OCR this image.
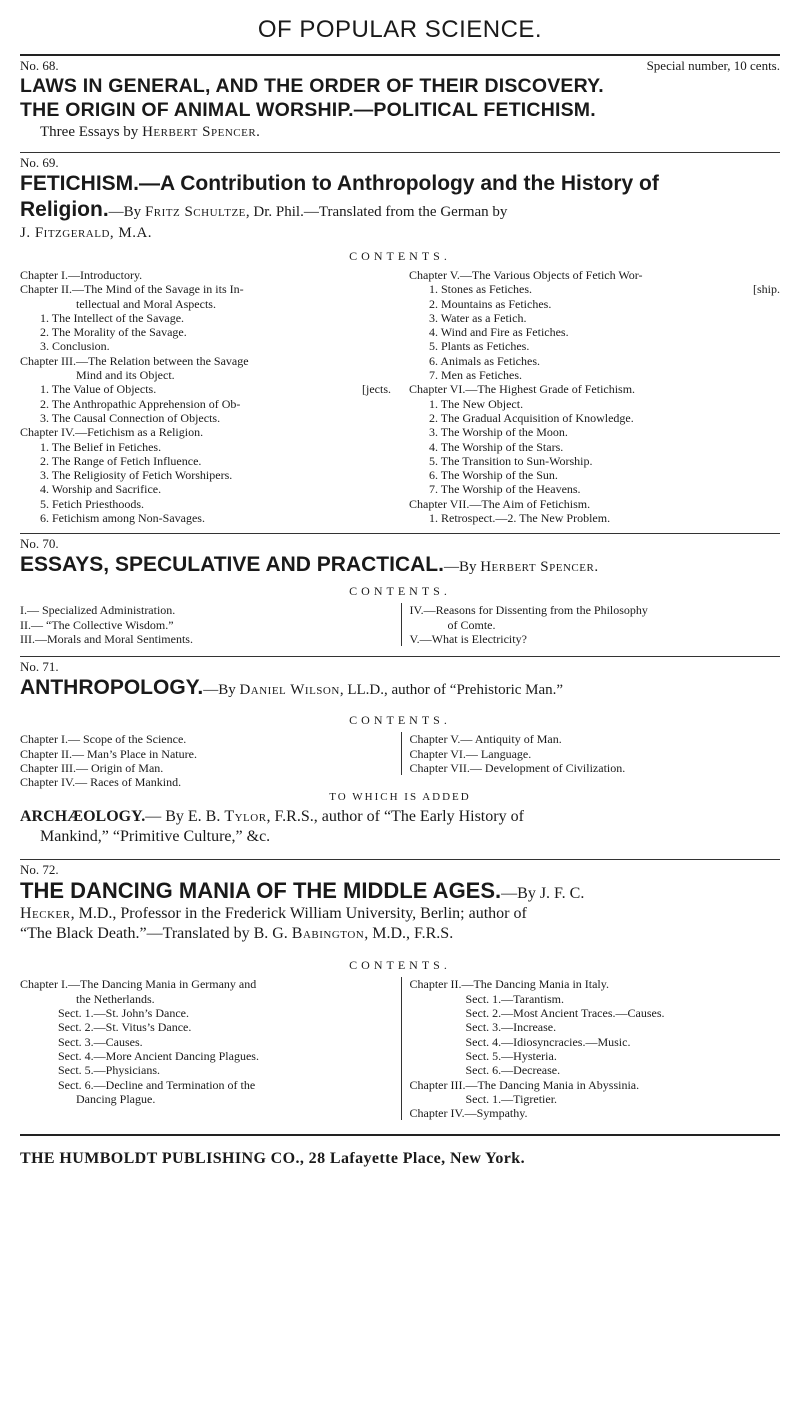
OF POPULAR SCIENCE.
No. 68.	Special number, 10 cents.
LAWS IN GENERAL, AND THE ORDER OF THEIR DISCOVERY.
THE ORIGIN OF ANIMAL WORSHIP.—POLITICAL FETICHISM.
Three Essays by Herbert Spencer.
No. 69.
FETICHISM.—A Contribution to Anthropology and the History of
Religion.—By Fritz Schultze, Dr. Phil.—Translated from the German by
J. Fitzgerald, M.A.
CONTENTS.
Chapter I.—Introductory.
Chapter II.—The Mind of the Savage in its In-
tellectual and Moral Aspects.
1. The Intellect of the Savage.
2. The Morality of the Savage.
3. Conclusion.
Chapter III.—The Relation between the Savage
Mind and its Object.
1. The Value of Objects.	[jects.
2. The Anthropathic Apprehension of Ob-
3. The Causal Connection of Objects.
Chapter IV.—Fetichism as a Religion.
1. The Belief in Fetiches.
2. The Range of Fetich Influence.
3. The Religiosity of Fetich Worshipers.
4. Worship and Sacrifice.
5. Fetich Priesthoods.
6. Fetichism among Non-Savages.
Chapter V.—The Various Objects of Fetich Wor-
1. Stones as Fetiches.	[ship.
2. Mountains as Fetiches.
3. Water as a Fetich.
4. Wind and Fire as Fetiches.
5. Plants as Fetiches.
6. Animals as Fetiches.
7. Men as Fetiches.
Chapter VI.—The Highest Grade of Fetichism.
1. The New Object.
2. The Gradual Acquisition of Knowledge.
3. The Worship of the Moon.
4. The Worship of the Stars.
5. The Transition to Sun-Worship.
6. The Worship of the Sun.
7. The Worship of the Heavens.
Chapter VII.—The Aim of Fetichism.
1. Retrospect.—2. The New Problem.
No. 70.
ESSAYS, SPECULATIVE AND PRACTICAL.—By Herbert Spencer.
CONTENTS.
I.— Specialized Administration.
II.— “The Collective Wisdom.”
III.—Morals and Moral Sentiments.
IV.—Reasons for Dissenting from the Philosophy
of Comte.
V.—What is Electricity?
No. 71.
ANTHROPOLOGY.—By Daniel Wilson, LL.D., author of “Prehistoric Man.”
CONTENTS.
Chapter I.— Scope of the Science.
Chapter II.— Man’s Place in Nature.
Chapter III.— Origin of Man.
Chapter IV.— Races of Mankind.
Chapter V.— Antiquity of Man.
Chapter VI.— Language.
Chapter VII.— Development of Civilization.
TO WHICH IS ADDED
ARCHÆOLOGY.— By E. B. Tylor, F.R.S., author of “The Early History of
Mankind,” “Primitive Culture,” &c.
No. 72.
THE DANCING MANIA OF THE MIDDLE AGES.—By J. F. C.
Hecker, M.D., Professor in the Frederick William University, Berlin; author of
“The Black Death.”—Translated by B. G. Babington, M.D., F.R.S.
CONTENTS.
Chapter I.—The Dancing Mania in Germany and
the Netherlands.
Sect. 1.—St. John’s Dance.
Sect. 2.—St. Vitus’s Dance.
Sect. 3.—Causes.
Sect. 4.—More Ancient Dancing Plagues.
Sect. 5.—Physicians.
Sect. 6.—Decline and Termination of the
Dancing Plague.
Chapter II.—The Dancing Mania in Italy.
Sect. 1.—Tarantism.
Sect. 2.—Most Ancient Traces.—Causes.
Sect. 3.—Increase.
Sect. 4.—Idiosyncracies.—Music.
Sect. 5.—Hysteria.
Sect. 6.—Decrease.
Chapter III.—The Dancing Mania in Abyssinia.
Sect. 1.—Tigretier.
Chapter IV.—Sympathy.
THE HUMBOLDT PUBLISHING CO., 28 Lafayette Place, New York.
